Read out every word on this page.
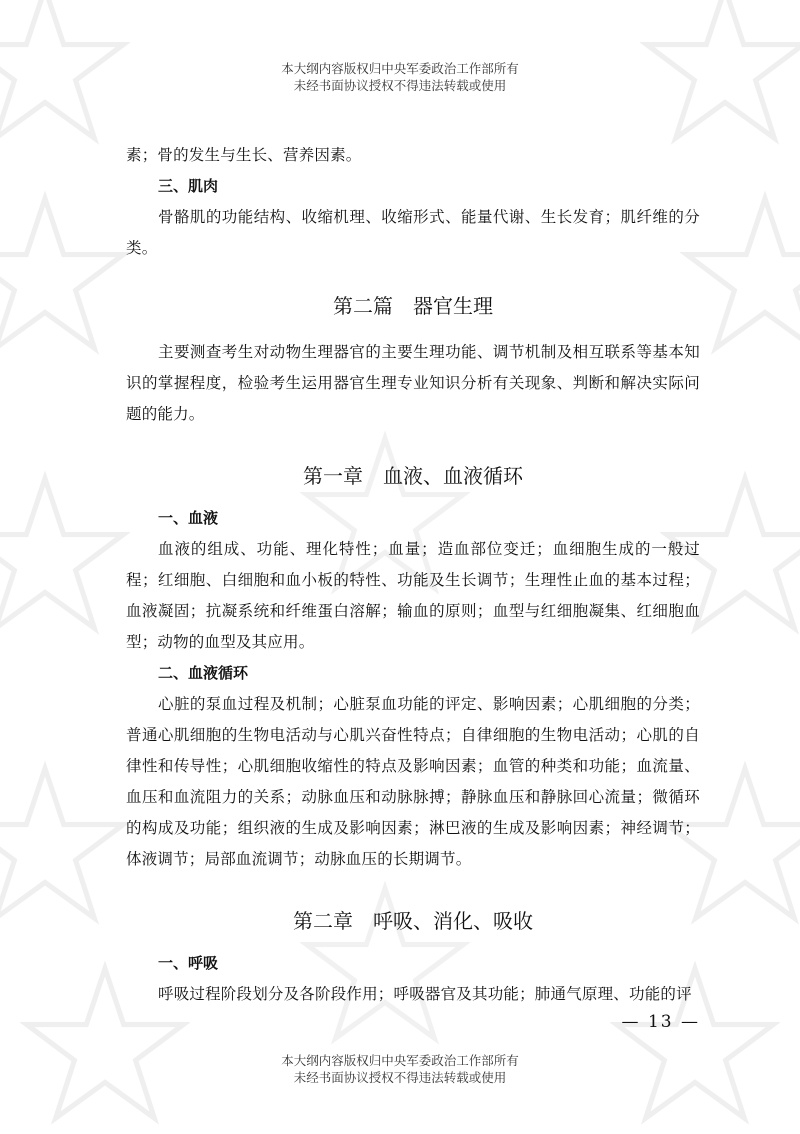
本大纲内容版权归中央军委政治工作部所有
未经书面协议授权不得违法转载或使用

素；骨的发生与生长、营养因素。

三、肌肉

骨骼肌的功能结构、收缩机理、收缩形式、能量代谢、生长发育；肌纤维的分类。

第二篇　器官生理

主要测查考生对动物生理器官的主要生理功能、调节机制及相互联系等基本知识的掌握程度，检验考生运用器官生理专业知识分析有关现象、判断和解决实际问题的能力。

第一章　血液、血液循环

一、血液

血液的组成、功能、理化特性；血量；造血部位变迁；血细胞生成的一般过程；红细胞、白细胞和血小板的特性、功能及生长调节；生理性止血的基本过程；血液凝固；抗凝系统和纤维蛋白溶解；输血的原则；血型与红细胞凝集、红细胞血型；动物的血型及其应用。

二、血液循环

心脏的泵血过程及机制；心脏泵血功能的评定、影响因素；心肌细胞的分类；普通心肌细胞的生物电活动与心肌兴奋性特点；自律细胞的生物电活动；心肌的自律性和传导性；心肌细胞收缩性的特点及影响因素；血管的种类和功能；血流量、血压和血流阻力的关系；动脉血压和动脉脉搏；静脉血压和静脉回心流量；微循环的构成及功能；组织液的生成及影响因素；淋巴液的生成及影响因素；神经调节；体液调节；局部血流调节；动脉血压的长期调节。

第二章　呼吸、消化、吸收

一、呼吸

呼吸过程阶段划分及各阶段作用；呼吸器官及其功能；肺通气原理、功能的评

— 13 —
本大纲内容版权归中央军委政治工作部所有
未经书面协议授权不得违法转载或使用
